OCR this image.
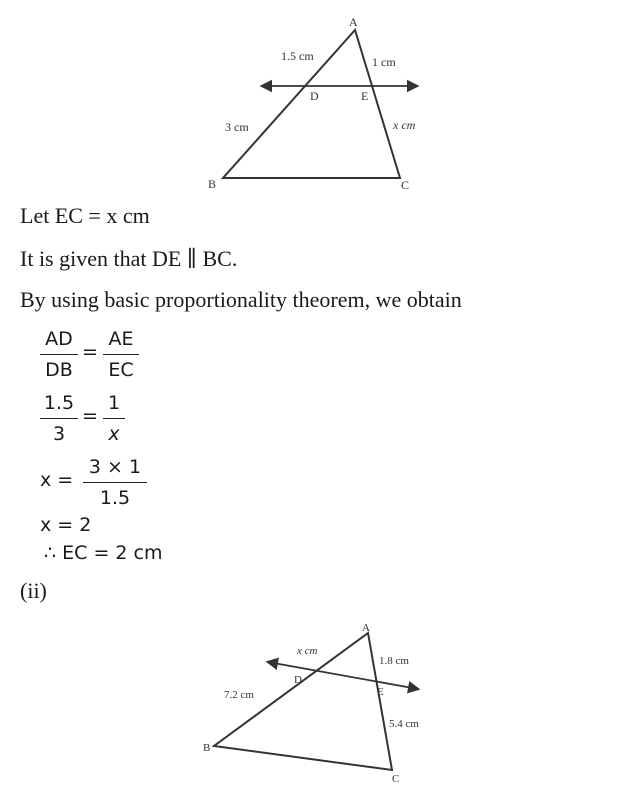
A
B	C
D	E
1.5 cm	1 cm
3 cm	x cm
Let EC = x cm
It is given that DE ∥ BC.
By using basic proportionality theorem, we obtain
AD
DB
=
AE
EC
1.5
3
=
1
x
x =
3 × 1
1.5
x = 2
∴ EC = 2 cm
(ii)
A
B
C
D
E
x cm
1.8 cm
7.2 cm
5.4 cm
